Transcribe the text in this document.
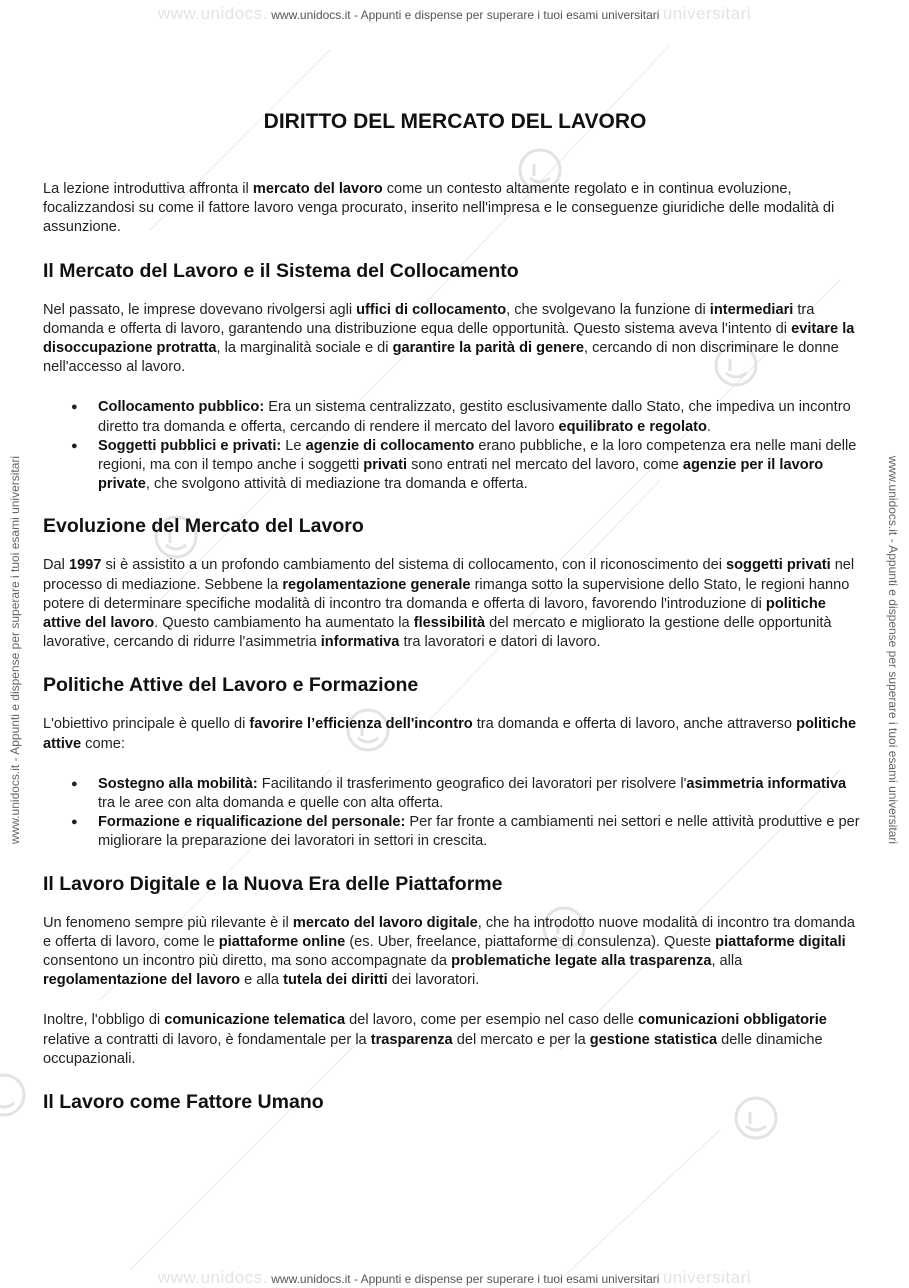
www.unidocs. www.unidocs.it - Appunti e dispense per superare i tuoi esami universitari universitari
www.unidocs. www.unidocs.it - Appunti e dispense per superare i tuoi esami universitari universitari
www.unidocs.it - Appunti e dispense per superare i tuoi esami universitari	www.unidocs.it - Appunti e dispense per superare i tuoi esami universitari
DIRITTO DEL MERCATO DEL LAVORO

La lezione introduttiva affronta il mercato del lavoro come un contesto altamente regolato e in continua evoluzione, focalizzandosi su come il fattore lavoro venga procurato, inserito nell'impresa e le conseguenze giuridiche delle modalità di assunzione.

Il Mercato del Lavoro e il Sistema del Collocamento

Nel passato, le imprese dovevano rivolgersi agli uffici di collocamento, che svolgevano la funzione di intermediari tra domanda e offerta di lavoro, garantendo una distribuzione equa delle opportunità. Questo sistema aveva l'intento di evitare la disoccupazione protratta, la marginalità sociale e di garantire la parità di genere, cercando di non discriminare le donne nell'accesso al lavoro.

● Collocamento pubblico: Era un sistema centralizzato, gestito esclusivamente dallo Stato, che impediva un incontro diretto tra domanda e offerta, cercando di rendere il mercato del lavoro equilibrato e regolato.
● Soggetti pubblici e privati: Le agenzie di collocamento erano pubbliche, e la loro competenza era nelle mani delle regioni, ma con il tempo anche i soggetti privati sono entrati nel mercato del lavoro, come agenzie per il lavoro private, che svolgono attività di mediazione tra domanda e offerta.
Evoluzione del Mercato del Lavoro

Dal 1997 si è assistito a un profondo cambiamento del sistema di collocamento, con il riconoscimento dei soggetti privati nel processo di mediazione. Sebbene la regolamentazione generale rimanga sotto la supervisione dello Stato, le regioni hanno potere di determinare specifiche modalità di incontro tra domanda e offerta di lavoro, favorendo l'introduzione di politiche attive del lavoro. Questo cambiamento ha aumentato la flessibilità del mercato e migliorato la gestione delle opportunità lavorative, cercando di ridurre l'asimmetria informativa tra lavoratori e datori di lavoro.

Politiche Attive del Lavoro e Formazione

L'obiettivo principale è quello di favorire l’efficienza dell'incontro tra domanda e offerta di lavoro, anche attraverso politiche attive come:

● Sostegno alla mobilità: Facilitando il trasferimento geografico dei lavoratori per risolvere l'asimmetria informativa tra le aree con alta domanda e quelle con alta offerta.
● Formazione e riqualificazione del personale: Per far fronte a cambiamenti nei settori e nelle attività produttive e per migliorare la preparazione dei lavoratori in settori in crescita.
Il Lavoro Digitale e la Nuova Era delle Piattaforme

Un fenomeno sempre più rilevante è il mercato del lavoro digitale, che ha introdotto nuove modalità di incontro tra domanda e offerta di lavoro, come le piattaforme online (es. Uber, freelance, piattaforme di consulenza). Queste piattaforme digitali consentono un incontro più diretto, ma sono accompagnate da problematiche legate alla trasparenza, alla regolamentazione del lavoro e alla tutela dei diritti dei lavoratori.

Inoltre, l'obbligo di comunicazione telematica del lavoro, come per esempio nel caso delle comunicazioni obbligatorie relative a contratti di lavoro, è fondamentale per la trasparenza del mercato e per la gestione statistica delle dinamiche occupazionali.

Il Lavoro come Fattore Umano
